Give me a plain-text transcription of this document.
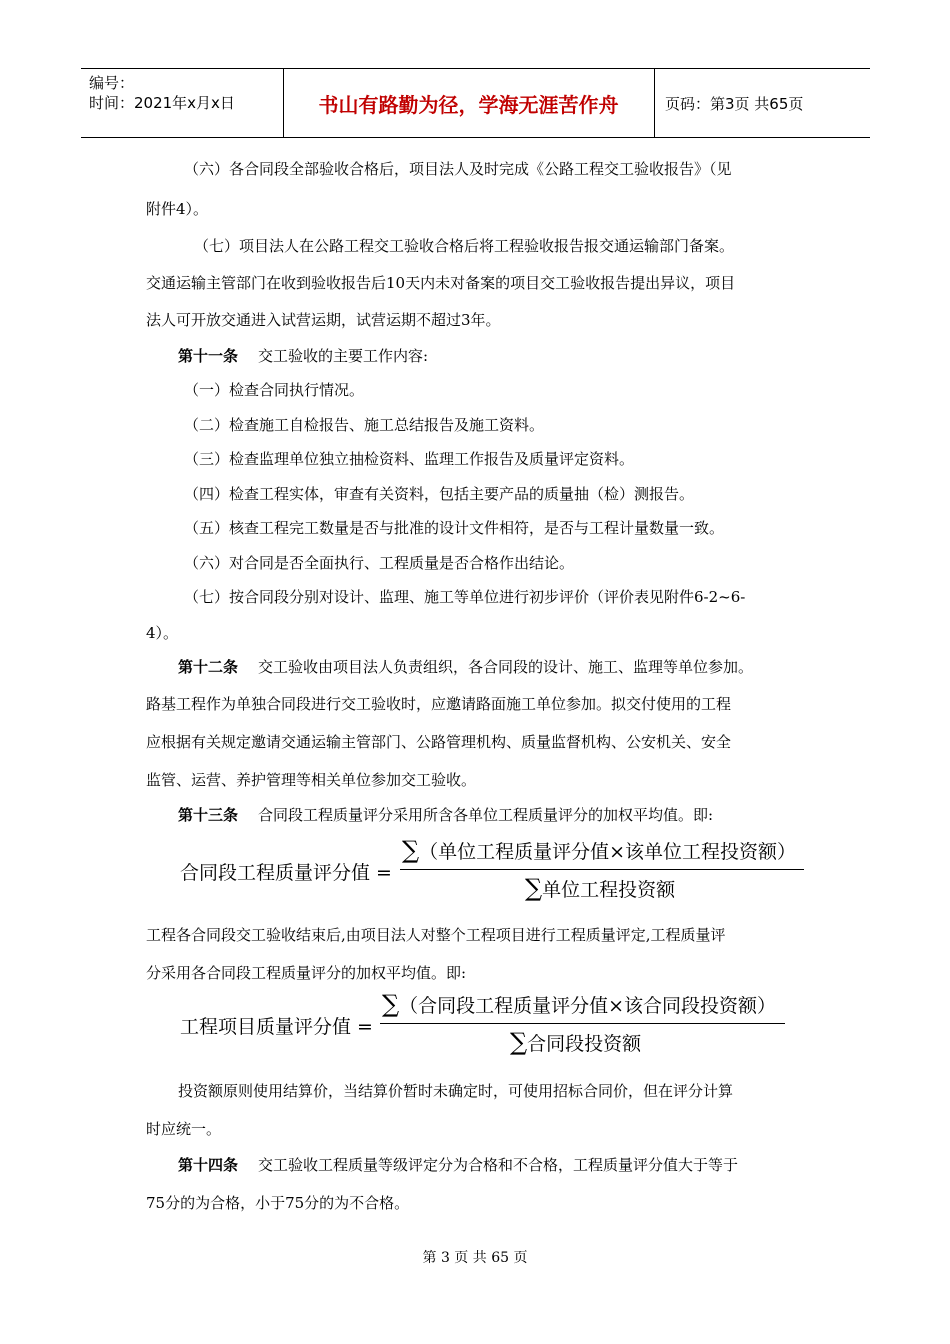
编号：
时间：2021年x月x日	书山有路勤为径，学海无涯苦作舟	页码：第3页 共65页
（六）各合同段全部验收合格后，项目法人及时完成《公路工程交工验收报告》（见
附件4）。
（七）项目法人在公路工程交工验收合格后将工程验收报告报交通运输部门备案。
交通运输主管部门在收到验收报告后10天内未对备案的项目交工验收报告提出异议，项目
法人可开放交通进入试营运期，试营运期不超过3年。
第十一条 交工验收的主要工作内容:
（一）检查合同执行情况。
（二）检查施工自检报告、施工总结报告及施工资料。
（三）检查监理单位独立抽检资料、监理工作报告及质量评定资料。
（四）检查工程实体，审查有关资料，包括主要产品的质量抽（检）测报告。
（五）核查工程完工数量是否与批准的设计文件相符，是否与工程计量数量一致。
（六）对合同是否全面执行、工程质量是否合格作出结论。
（七）按合同段分别对设计、监理、施工等单位进行初步评价（评价表见附件6-2~6-
4）。
第十二条 交工验收由项目法人负责组织，各合同段的设计、施工、监理等单位参加。
路基工程作为单独合同段进行交工验收时，应邀请路面施工单位参加。拟交付使用的工程
应根据有关规定邀请交通运输主管部门、公路管理机构、质量监督机构、公安机关、安全
监管、运营、养护管理等相关单位参加交工验收。
第十三条 合同段工程质量评分采用所含各单位工程质量评分的加权平均值。即:
工程各合同段交工验收结束后,由项目法人对整个工程项目进行工程质量评定,工程质量评
分采用各合同段工程质量评分的加权平均值。即:
投资额原则使用结算价，当结算价暂时未确定时，可使用招标合同价，但在评分计算
时应统一。
第十四条 交工验收工程质量等级评定分为合格和不合格，工程质量评分值大于等于
75分的为合格，小于75分的为不合格。
合同段工程质量评分值 =
∑（单位工程质量评分值×该单位工程投资额）
∑单位工程投资额
工程项目质量评分值 =
∑（合同段工程质量评分值×该合同段投资额）
∑合同段投资额
第 3 页 共 65 页
